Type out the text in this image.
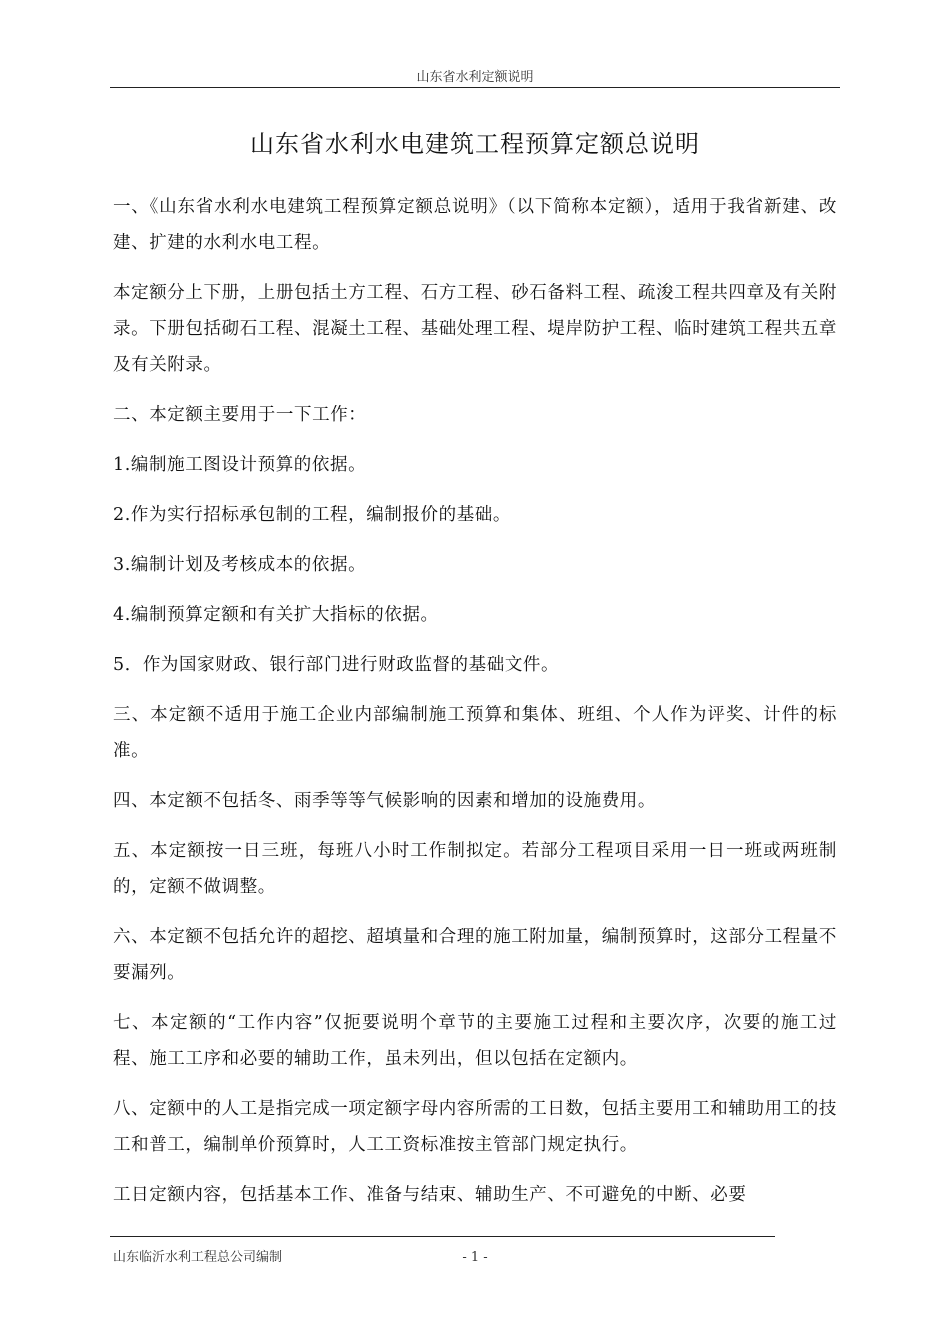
山东省水利定额说明
山东省水利水电建筑工程预算定额总说明

一、《山东省水利水电建筑工程预算定额总说明》（以下简称本定额），适用于我省新建、改建、扩建的水利水电工程。

本定额分上下册，上册包括土方工程、石方工程、砂石备料工程、疏浚工程共四章及有关附录。下册包括砌石工程、混凝土工程、基础处理工程、堤岸防护工程、临时建筑工程共五章及有关附录。

二、本定额主要用于一下工作：

1.编制施工图设计预算的依据。

2.作为实行招标承包制的工程，编制报价的基础。

3.编制计划及考核成本的依据。

4.编制预算定额和有关扩大指标的依据。

5．作为国家财政、银行部门进行财政监督的基础文件。

三、本定额不适用于施工企业内部编制施工预算和集体、班组、个人作为评奖、计件的标准。

四、本定额不包括冬、雨季等等气候影响的因素和增加的设施费用。

五、本定额按一日三班，每班八小时工作制拟定。若部分工程项目采用一日一班或两班制的，定额不做调整。

六、本定额不包括允许的超挖、超填量和合理的施工附加量，编制预算时，这部分工程量不要漏列。

七、本定额的“工作内容”仅扼要说明个章节的主要施工过程和主要次序，次要的施工过程、施工工序和必要的辅助工作，虽未列出，但以包括在定额内。

八、定额中的人工是指完成一项定额字母内容所需的工日数，包括主要用工和辅助用工的技工和普工，编制单价预算时，人工工资标准按主管部门规定执行。

工日定额内容，包括基本工作、准备与结束、辅助生产、不可避免的中断、必要

山东临沂水利工程总公司编制	- 1 -
